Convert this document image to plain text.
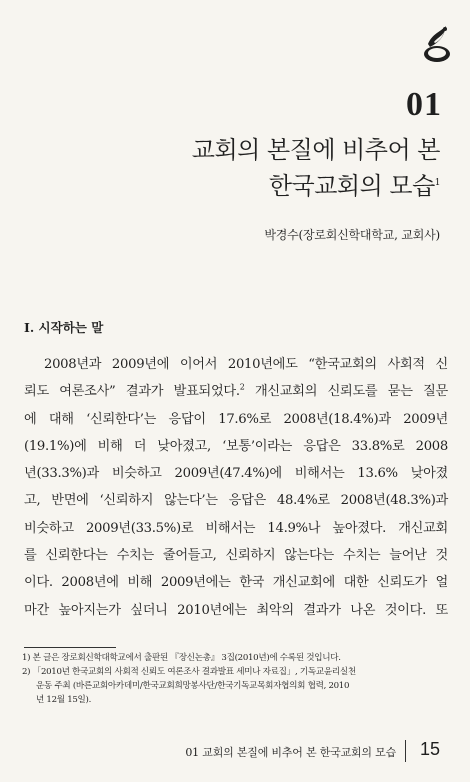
01
교회의 본질에 비추어 본
한국교회의 모습$^1$
박경수(장로회신학대학교, 교회사)
I. 시작하는 말
2008년과 2009년에 이어서 2010년에도 “한국교회의 사회적 신
뢰도 여론조사” 결과가 발표되었다.$^2$ 개신교회의 신뢰도를 묻는 질문
에 대해 ‘신뢰한다’는 응답이 17.6%로 2008년(18.4%)과 2009년
(19.1%)에 비해 더 낮아졌고, ‘보통’이라는 응답은 33.8%로 2008
년(33.3%)과 비슷하고 2009년(47.4%)에 비해서는 13.6% 낮아졌
고, 반면에 ‘신뢰하지 않는다’는 응답은 48.4%로 2008년(48.3%)과
비슷하고 2009년(33.5%)로 비해서는 14.9%나 높아졌다. 개신교회
를 신뢰한다는 수치는 줄어들고, 신뢰하지 않는다는 수치는 늘어난 것
이다. 2008년에 비해 2009년에는 한국 개신교회에 대한 신뢰도가 얼
마간 높아지는가 싶더니 2010년에는 최악의 결과가 나온 것이다. 또
1) 본 글은 장로회신학대학교에서 출판된 『장신논총』 3집(2010년)에 수록된 것입니다.
2) 「2010년 한국교회의 사회적 신뢰도 여론조사 결과발표 세미나 자료집」, 기독교윤리실천
운동 주최 (바른교회아카데미/한국교회희망봉사단/한국기독교목회자협의회 협력, 2010
년 12월 15일).
01 교회의 본질에 비추어 본 한국교회의 모습 15
